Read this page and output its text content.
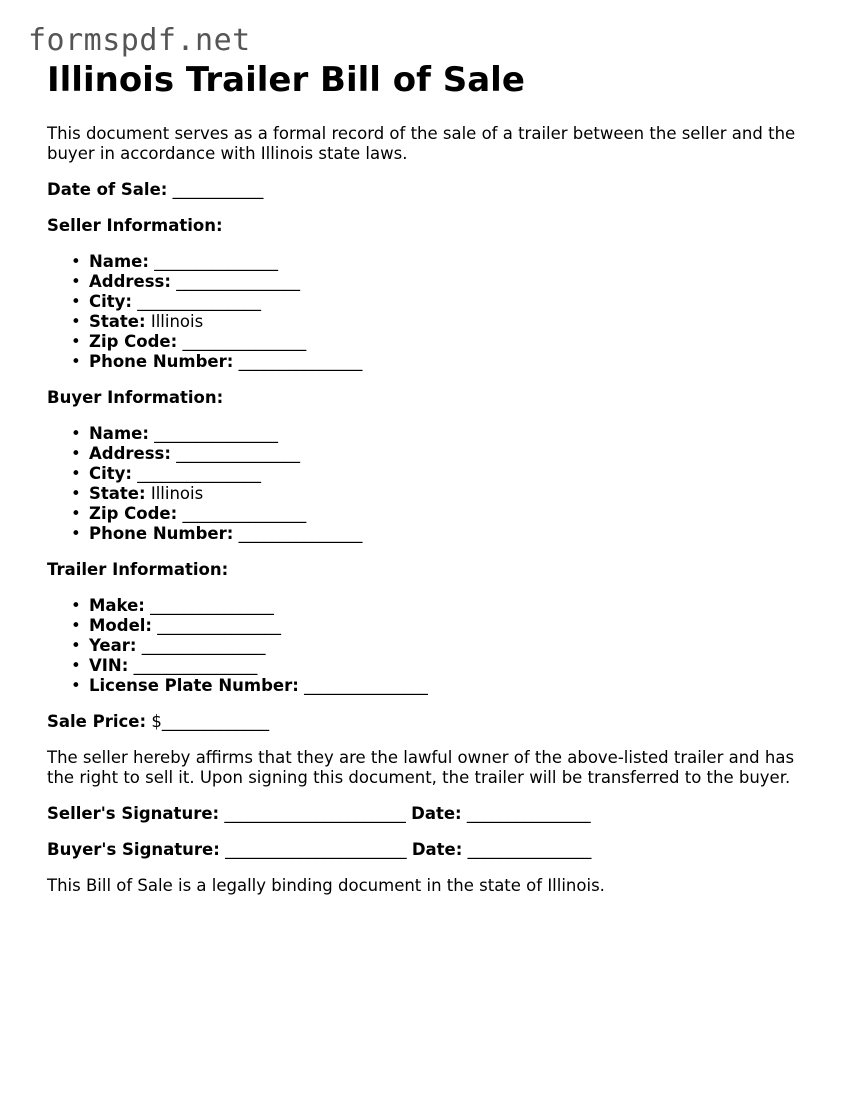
formspdf.net
Illinois Trailer Bill of Sale

This document serves as a formal record of the sale of a trailer between the seller and the buyer in accordance with Illinois state laws.

Date of Sale: ___________

Seller Information:

• Name: _______________
• Address: _______________
• City: _______________
• State: Illinois
• Zip Code: _______________
• Phone Number: _______________

Buyer Information:

• Name: _______________
• Address: _______________
• City: _______________
• State: Illinois
• Zip Code: _______________
• Phone Number: _______________

Trailer Information:

• Make: _______________
• Model: _______________
• Year: _______________
• VIN: _______________
• License Plate Number: _______________

Sale Price: $_____________

The seller hereby affirms that they are the lawful owner of the above-listed trailer and has the right to sell it. Upon signing this document, the trailer will be transferred to the buyer.

Seller's Signature: ______________________ Date: _______________

Buyer's Signature: ______________________ Date: _______________

This Bill of Sale is a legally binding document in the state of Illinois.
